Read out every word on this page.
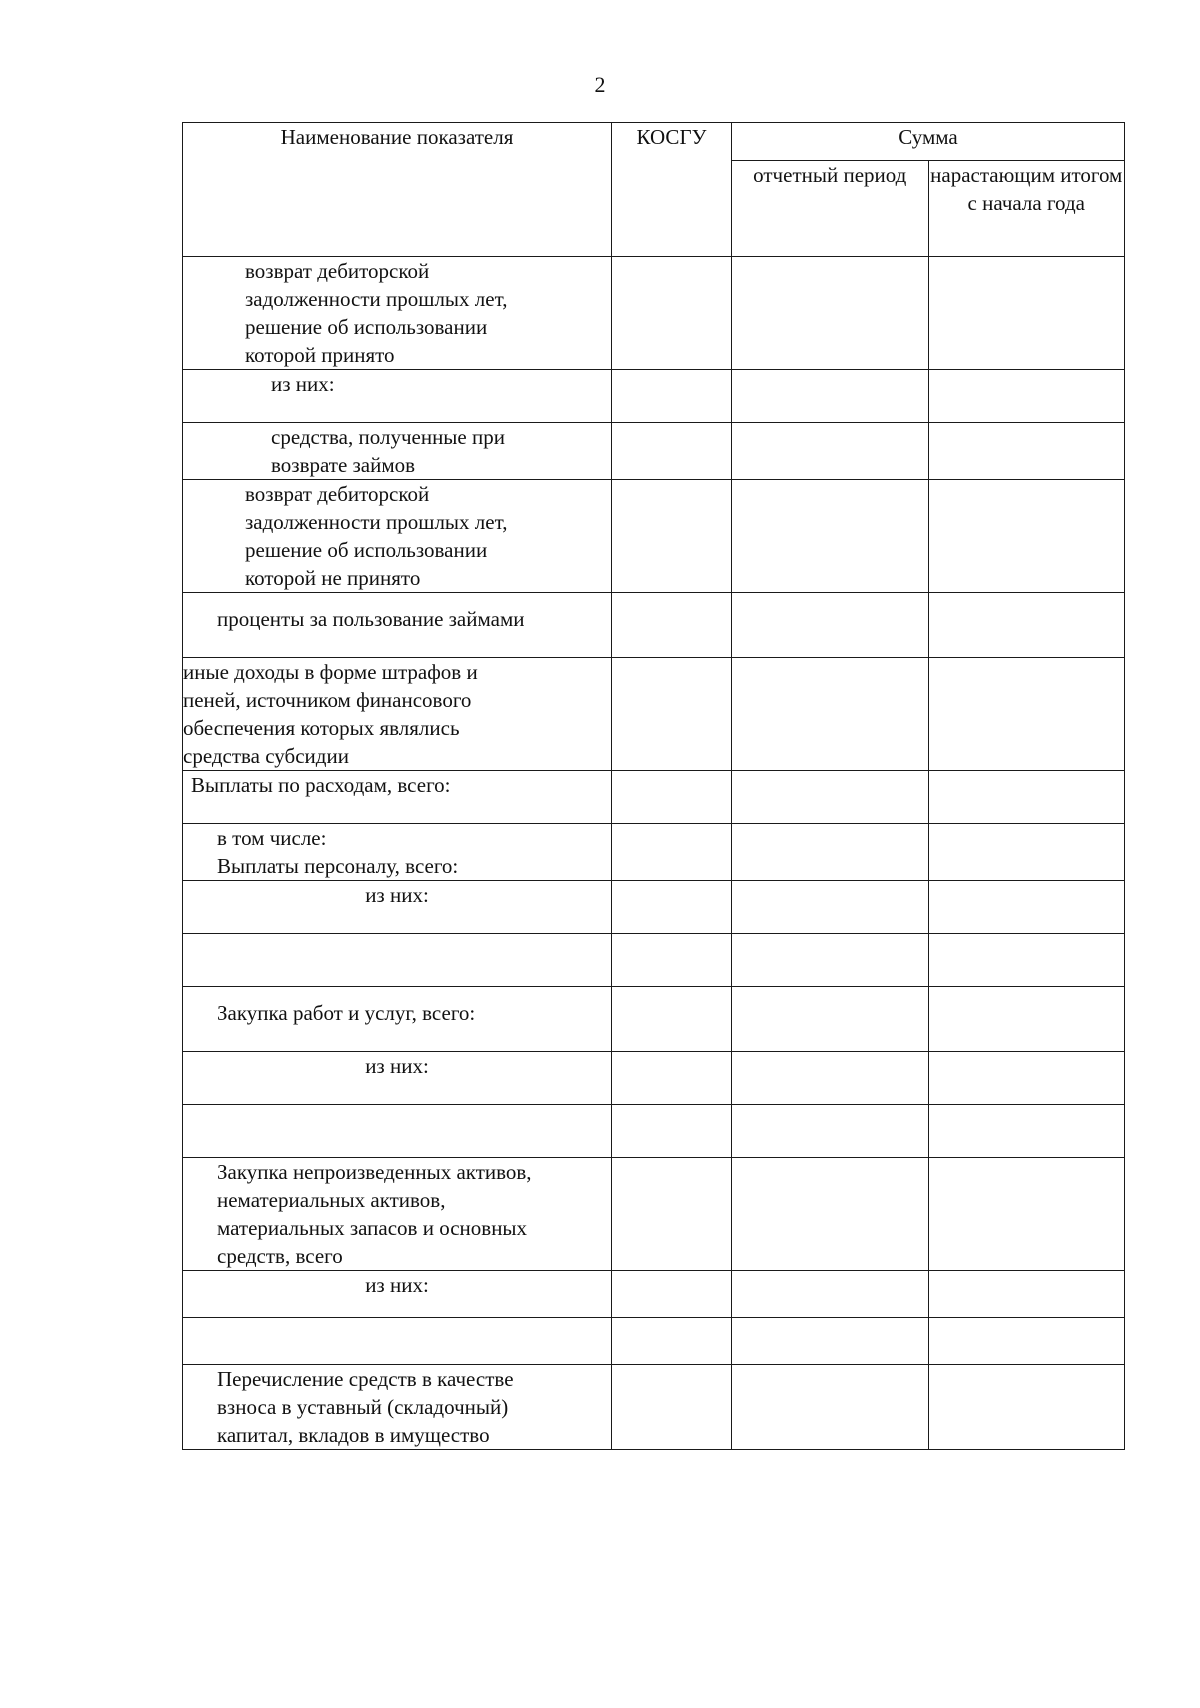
2
Наименование показателя	КОСГУ	Сумма	
		отчетный период	нарастающим итогом с начала года

возврат дебиторской
задолженности прошлых лет,
решение об использовании
которой принято			

из них:			

средства, полученные при
возврате займов			

возврат дебиторской
задолженности прошлых лет,
решение об использовании
которой не принято			

проценты за пользование займами			

иные доходы в форме штрафов и
пеней, источником финансового
обеспечения которых являлись
средства субсидии			

Выплаты по расходам, всего:			

в том числе:
Выплаты персоналу, всего:			

из них:			

Закупка работ и услуг, всего:			

из них:			

Закупка непроизведенных активов,
нематериальных активов,
материальных запасов и основных
средств, всего			

из них:			

Перечисление средств в качестве
взноса в уставный (складочный)
капитал, вкладов в имущество			
